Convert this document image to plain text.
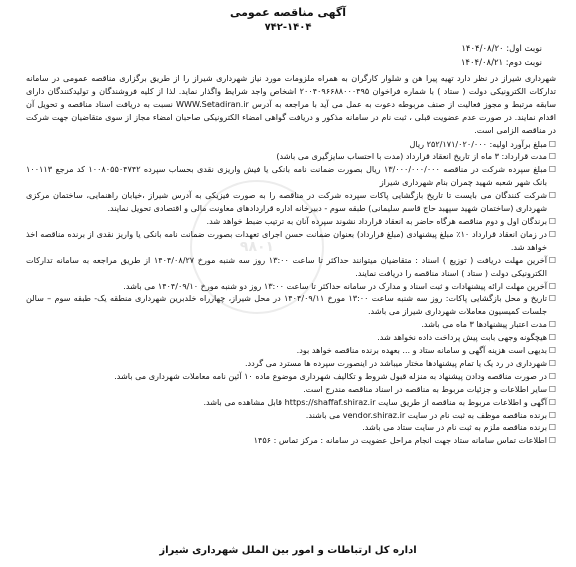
آگهی مناقصه عمومی
۷۴۲-۱۴۰۴
نوبت اول: ۱۴۰۴/۰۸/۲۰
نوبت دوم: ۱۴۰۴/۰۸/۲۱
۹۸۰۱

شهرداری شیراز در نظر دارد تهیه پیرا هن و شلوار کارگران به همراه ملزومات مورد نیاز شهرداری شیراز را از طریق برگزاری مناقصه عمومی در سامانه تدارکات الکترونیکی دولت ( ستاد ) با شماره فراخوان ۲۰۰۴۰۹۶۶۸۸۰۰۰۴۹۵ اشخاص واجد شرایط واگذار نماید. لذا از کلیه فروشندگان و تولیدکنندگان دارای سابقه مرتبط و مجوز فعالیت از صنف مربوطه دعوت به عمل می آید با مراجعه به آدرس WWW.Setadiran.ir نسبت به دریافت اسناد مناقصه و تحویل آن اقدام نمایند. در صورت عدم عضویت قبلی ، ثبت نام در سامانه مذکور و دریافت گواهی امضاء الکترونیکی صاحبان امضاء مجاز از سوی متقاضیان جهت شرکت در مناقصه الزامی است.

□ مبلغ برآورد اولیه: ۲۵۲/۱۷۱/۰۲۰/۰۰۰ ریال
□ مدت قرارداد: ۳ ماه از تاریخ انعقاد قرارداد (مدت با احتساب سایزگیری می باشد)
□ مبلغ سپرده شرکت در مناقصه ۱۳/۰۰۰/۰۰۰/۰۰۰ ریال بصورت ضمانت نامه بانکی یا فیش واریزی نقدی بحساب سپرده ۱۰۰۸۰۵۵۰۴۷۴۲ کد مرجع ۱۰۰۱۱۳ بانک شهر شعبه شهید چمران بنام شهرداری شیراز
□ شرکت کنندگان می بایست تا تاریخ بازگشایی پاکات سپرده شرکت در مناقصه را به صورت فیزیکی به آدرس شیراز ،خیابان راهنمایی، ساختمان مرکزی شهرداری (ساختمان شهید سپهبد حاج قاسم سلیمانی) طبقه سوم - دبیرخانه اداره قراردادهای معاونت مالی و اقتصادی تحویل نمایند.
□ برندگان اول و دوم مناقصه هرگاه حاضر به انعقاد قرارداد نشوند سپرده آنان به ترتیب ضبط خواهد شد.
□ در زمان انعقاد قرارداد ۱۰٪ مبلغ پیشنهادی (مبلغ قرارداد) بعنوان ضمانت حسن اجرای تعهدات بصورت ضمانت نامه بانکی یا واریز نقدی از برنده مناقصه اخذ خواهد شد.
□ آخرین مهلت دریافت ( توزیع ) اسناد : متقاضیان میتوانند حداکثر تا ساعت ۱۳:۰۰ روز سه شنبه مورخ ۱۴۰۴/۰۸/۲۷ از طریق مراجعه به سامانه تدارکات الکترونیکی دولت ( ستاد ) اسناد مناقصه را دریافت نمایند.
□ آخرین مهلت ارائه پیشنهادات و ثبت اسناد و مدارک در سامانه حداکثر تا ساعت ۱۳:۰۰ روز دو شنبه مورخ ۱۴۰۴/۰۹/۱۰ می باشد.
□ تاریخ و محل بازگشایی پاکات: روز سه شنبه ساعت ۱۳:۰۰ مورخ ۱۴۰۴/۰۹/۱۱ در محل شیراز، چهارراه خلدبرین شهرداری منطقه یک- طبقه سوم – سالن جلسات کمیسیون معاملات شهرداری شیراز می باشد.
□ مدت اعتبار پیشنهادها ۳ ماه می باشد.
□ هیچگونه وجهی بابت پیش پرداخت داده نخواهد شد.
□ بدیهی است هزینه آگهی و سامانه ستاد و ... بعهده برنده مناقصه خواهد بود.
□ شهرداری در رد یک یا تمام پیشنهادها مختار میباشد در اینصورت سپرده ها مسترد می گردد.
□ در صورت مناقصه ودادن پیشنهاد به منزله قبول شروط و تکالیف شهرداری موضوع ماده ۱۰ آئین نامه معاملات شهرداری می باشد.
□ سایر اطلاعات و جزئیات مربوط به مناقصه در اسناد مناقصه مندرج است.
□ آگهی و اطلاعات مربوط به مناقصه از طریق سایت https://shaffaf.shiraz.ir قابل مشاهده می باشد.
□ برنده مناقصه موظف به ثبت نام در سایت vendor.shiraz.ir می باشند.
□ برنده مناقصه ملزم به ثبت نام در سایت ستاد می باشد.
□ اطلاعات تماس سامانه ستاد جهت انجام مراحل عضویت در سامانه : مرکز تماس : ۱۴۵۶
اداره کل ارتباطات و امور بین الملل شهرداری شیراز
